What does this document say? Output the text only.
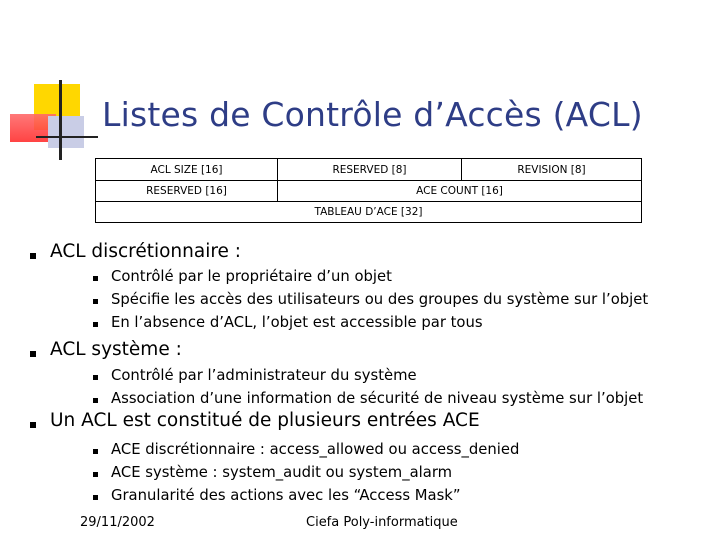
Listes de Contrôle d’Accès (ACL)
ACL SIZE [16]	RESERVED [8]	REVISION [8]
RESERVED [16]	ACE COUNT [16]
TABLEAU D’ACE [32]
ACL discrétionnaire :
Contrôlé par le propriétaire d’un objet
Spécifie les accès des utilisateurs ou des groupes du système sur l’objet
En l’absence d’ACL, l’objet est accessible par tous
ACL système :
Contrôlé par l’administrateur du système
Association d’une information de sécurité de niveau système sur l’objet
Un ACL est constitué de plusieurs entrées ACE
ACE discrétionnaire : access_allowed ou access_denied
ACE système : system_audit ou system_alarm
Granularité des actions avec les “Access Mask”
29/11/2002	Ciefa Poly-informatique
